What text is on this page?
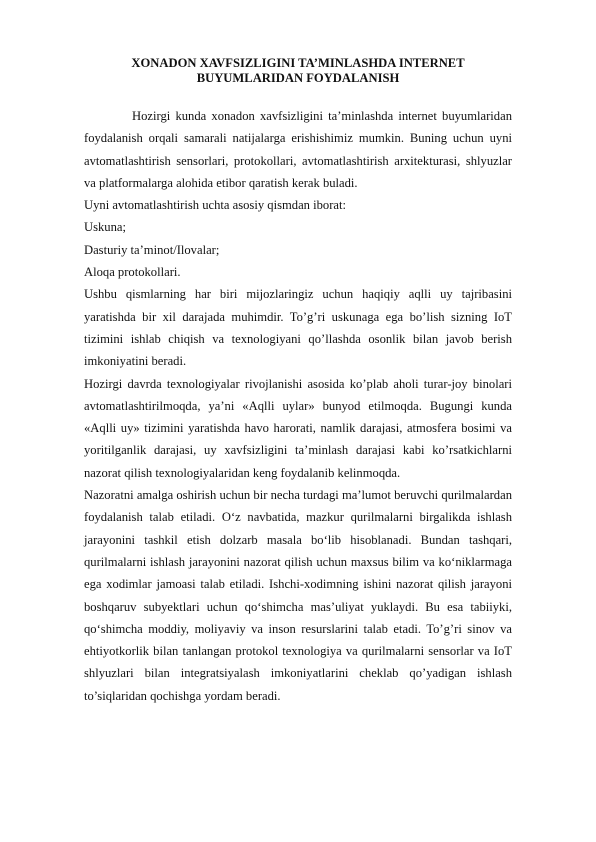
XONADON XAVFSIZLIGINI TA’MINLASHDA INTERNET
BUYUMLARIDAN FOYDALANISH

Hozirgi kunda xonadon xavfsizligini ta’minlashda internet buyumlaridan foydalanish orqali samarali natijalarga erishishimiz mumkin. Buning uchun uyni avtomatlashtirish sensorlari, protokollari, avtomatlashtirish arxitekturasi, shlyuzlar va platformalarga alohida etibor qaratish kerak buladi.

Uyni avtomatlashtirish uchta asosiy qismdan iborat:

Uskuna;

Dasturiy ta’minot/Ilovalar;

Aloqa protokollari.

Ushbu qismlarning har biri mijozlaringiz uchun haqiqiy aqlli uy tajribasini yaratishda bir xil darajada muhimdir. To’g’ri uskunaga ega bo’lish sizning IoT tizimini ishlab chiqish va texnologiyani qo’llashda osonlik bilan javob berish imkoniyatini beradi.

Hozirgi davrda texnologiyalar rivojlanishi asosida ko’plab aholi turar-joy binolari avtomatlashtirilmoqda, ya’ni «Aqlli uylar» bunyod etilmoqda. Bugungi kunda «Aqlli uy» tizimini yaratishda havo harorati, namlik darajasi, atmosfera bosimi va yoritilganlik darajasi, uy xavfsizligini ta’minlash darajasi kabi ko’rsatkichlarni nazorat qilish texnologiyalaridan keng foydalanib kelinmoqda.

Nazoratni amalga oshirish uchun bir necha turdagi ma’lumot beruvchi qurilmalardan foydalanish talab etiladi. O‘z navbatida, mazkur qurilmalarni birgalikda ishlash jarayonini tashkil etish dolzarb masala bo‘lib hisoblanadi. Bundan tashqari, qurilmalarni ishlash jarayonini nazorat qilish uchun maxsus bilim va ko‘niklarmaga ega xodimlar jamoasi talab etiladi. Ishchi-xodimning ishini nazorat qilish jarayoni boshqaruv subyektlari uchun qo‘shimcha mas’uliyat yuklaydi. Bu esa tabiiyki, qo‘shimcha moddiy, moliyaviy va inson resurslarini talab etadi. To’g’ri sinov va ehtiyotkorlik bilan tanlangan protokol texnologiya va qurilmalarni sensorlar va IoT shlyuzlari bilan integratsiyalash imkoniyatlarini cheklab qo’yadigan ishlash to’siqlaridan qochishga yordam beradi.
